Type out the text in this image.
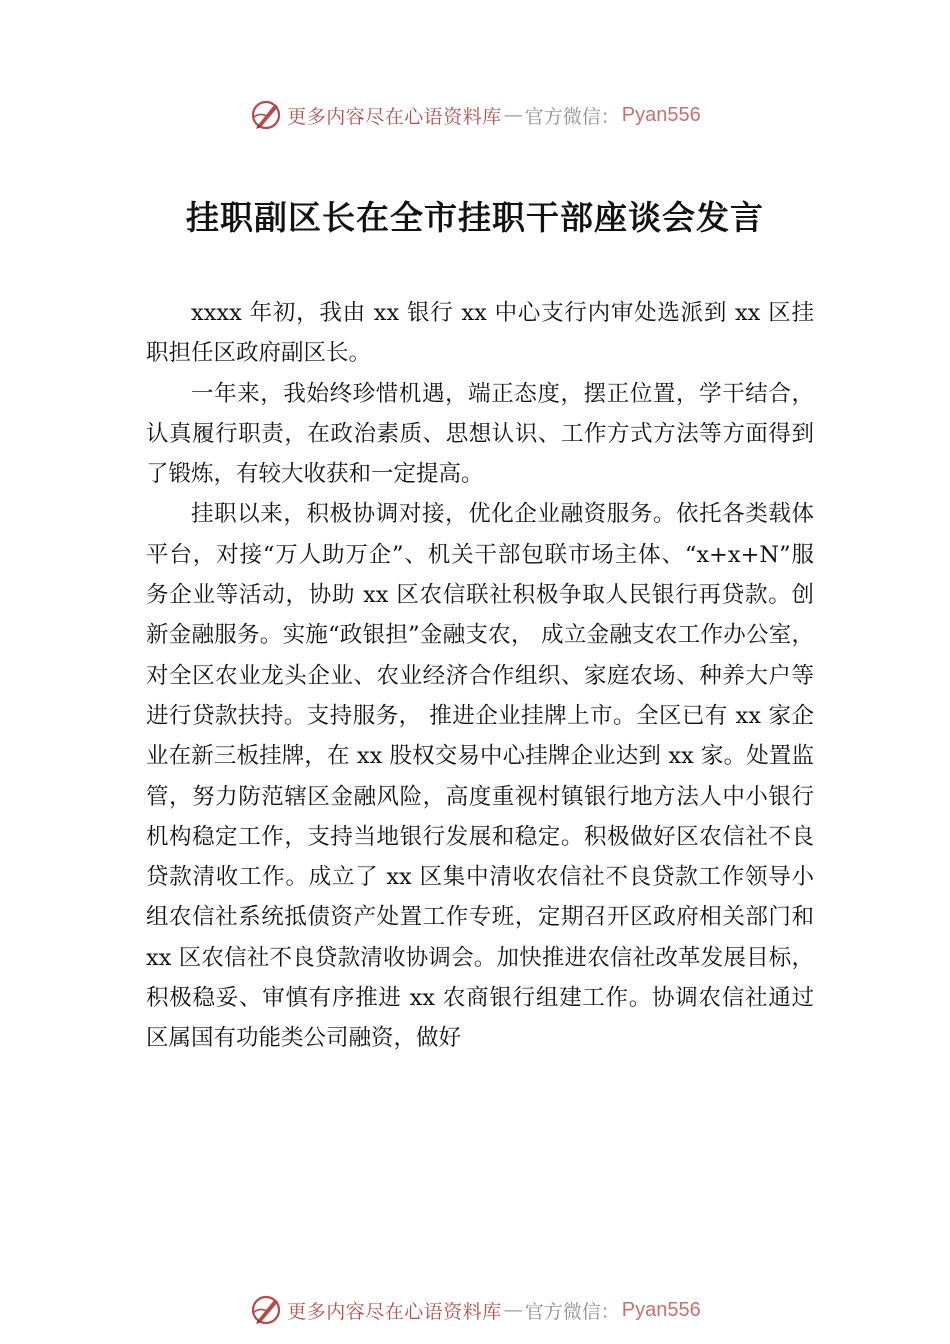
更多内容尽在心语资料库 — 官方微信： Pyan556
挂职副区长在全市挂职干部座谈会发言

xxxx 年初，我由 xx 银行 xx 中心支行内审处选派到 xx 区挂职担任区政府副区长。

一年来，我始终珍惜机遇，端正态度，摆正位置，学干结合，认真履行职责，在政治素质、思想认识、工作方式方法等方面得到了锻炼，有较大收获和一定提高。

挂职以来，积极协调对接，优化企业融资服务。依托各类载体平台，对接“万人助万企”、机关干部包联市场主体、“x+x+N”服务企业等活动，协助 xx 区农信联社积极争取人民银行再贷款。创新金融服务。实施“政银担”金融支农， 成立金融支农工作办公室，对全区农业龙头企业、农业经济合作组织、家庭农场、种养大户等进行贷款扶持。支持服务， 推进企业挂牌上市。全区已有 xx 家企业在新三板挂牌，在 xx 股权交易中心挂牌企业达到 xx 家。处置监管，努力防范辖区金融风险，高度重视村镇银行地方法人中小银行机构稳定工作，支持当地银行发展和稳定。积极做好区农信社不良贷款清收工作。成立了 xx 区集中清收农信社不良贷款工作领导小组农信社系统抵债资产处置工作专班，定期召开区政府相关部门和 xx 区农信社不良贷款清收协调会。加快推进农信社改革发展目标，积极稳妥、审慎有序推进 xx 农商银行组建工作。协调农信社通过区属国有功能类公司融资，做好

更多内容尽在心语资料库 — 官方微信： Pyan556
